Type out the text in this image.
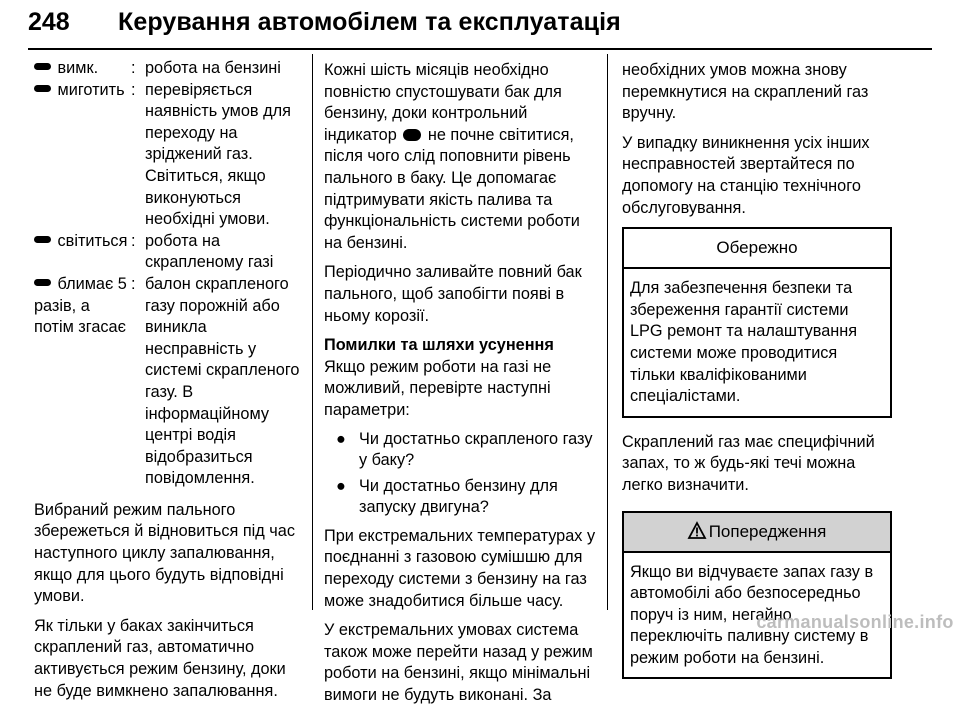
248 Керування автомобілем та експлуатація
вимк.	: робота на бензині
миготить : перевіряється наявність умов для переходу на зріджений газ. Світиться, якщо виконуються необхідні умови.
світиться : робота на скрапленому газі
блимає 5 разів, а потім згасає
: балон скрапленого газу порожній або виникла несправність у системі скрапленого газу. В інформаційному центрі водія відобразиться повідомлення.

Вибраний режим пального збережеться й відновиться під час наступного циклу запалювання, якщо для цього будуть відповідні умови.

Як тільки у баках закінчиться скраплений газ, автоматично активується режим бензину, доки не буде вимкнено запалювання.

Кожні шість місяців необхідно повністю спустошувати бак для бензину, доки контрольний індикатор не почне світитися, після чого слід поповнити рівень пального в баку. Це допомагає підтримувати якість палива та функціональність системи роботи на бензині.

Періодично заливайте повний бак пального, щоб запобігти появі в ньому корозії.

Помилки та шляхи усунення

Якщо режим роботи на газі не можливий, перевірте наступні параметри:

● Чи достатньо скрапленого газу у баку?
● Чи достатньо бензину для запуску двигуна?

При екстремальних температурах у поєднанні з газовою сумішшю для переходу системи з бензину на газ може знадобитися більше часу.

У екстремальних умовах система також може перейти назад у режим роботи на бензині, якщо мінімальні вимоги не будуть виконані. За

необхідних умов можна знову перемкнутися на скраплений газ вручну.

У випадку виникнення усіх інших несправностей звертайтеся по допомогу на станцію технічного обслуговування.

Обережно
Для забезпечення безпеки та збереження гарантії системи LPG ремонт та налаштування системи може проводитися тільки кваліфікованими спеціалістами.

Скраплений газ має специфічний запах, то ж будь-які течі можна легко визначити.

Попередження
Якщо ви відчуваєте запах газу в автомобілі або безпосередньо поруч із ним, негайно переключіть паливну систему в режим роботи на бензині.
carmanualsonline.info
